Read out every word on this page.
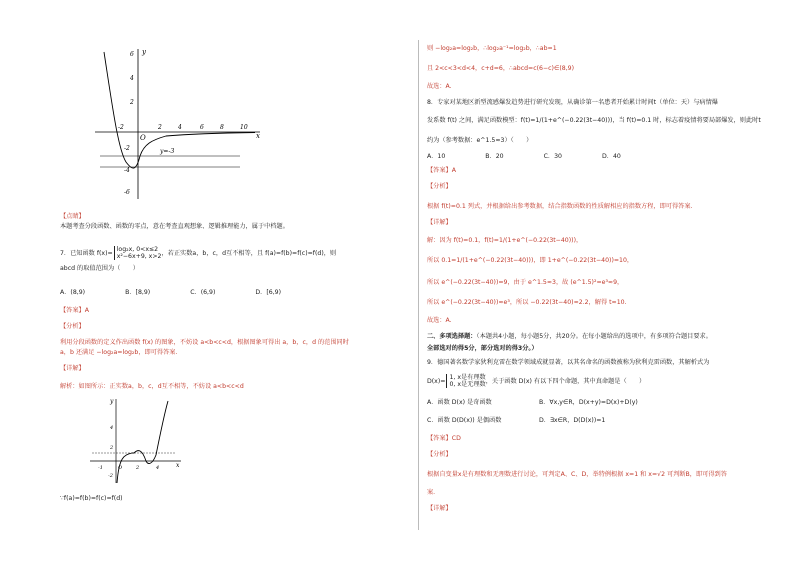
-2
O
2	4	6	8	10
x
6
4
2
-2
-4
-6
y
y=-3
【点睛】
本题考查分段函数、函数的零点，意在考查直观想象、逻辑推理能力，属于中档题。
7．已知函数 f(x)=
log₂x, 0<x≤2
x²−6x+9, x>2 ，若正实数a，b，c，d互不相等，且 f(a)=f(b)=f(c)=f(d)，则
abcd 的取值范围为（　　）
A．(8,9)	B．[8,9)	C．(6,9)	D．[6,9)
【答案】A
【分析】
利用分段函数的定义作出函数 f(x) 的图象，不妨设 a<b<c<d，根据图象可得出 a，b，c，d 的范围同时
a，b 还满足 −log₂a=log₂b，即可得答案.
【详解】
解析：如图所示：正实数a，b，c，d互不相等，不妨设 a<b<c<d
∵f(a)=f(b)=f(c)=f(d)
-1	O	2	4	x
4
2
-2
y
则 −log₂a=log₂b，∴log₂a⁻¹=log₂b，∴ab=1
且 2<c<3<d<4，c+d=6，∴abcd=c(6−c)∈(8,9)
故选：A.
8．专家对某地区新型流感爆发趋势进行研究发现，从确诊第一名患者开始累计时间t（单位：天）与病情爆
发系数 f(t) 之间，满足函数模型：f(t)=1/(1+e^(−0.22(3t−40)))，当 f(t)=0.1 时，标志着疫情将要局部爆发，则此时t
约为（参考数据：e^1.5≈3）（　　）
A．10	B．20	C．30	D．40
【答案】A
【分析】
根据 f(t)=0.1 列式，并根据给出参考数据，结合指数函数的性质解相应的指数方程，即可得答案.
【详解】
解：因为 f(t)=0.1，f(t)=1/(1+e^(−0.22(3t−40)))，
所以 0.1=1/(1+e^(−0.22(3t−40)))，即 1+e^(−0.22(3t−40))=10，
所以 e^(−0.22(3t−40))=9，由于 e^1.5≈3，故 (e^1.5)²=e³≈9，
所以 e^(−0.22(3t−40))≈e³，所以 −0.22(3t−40)≈2.2，解得 t≈10.
故选：A.
二、多项选择题：（本题共4小题，每小题5分，共20分。在每小题给出的选项中，有多项符合题目要求。
全部选对的得5分，部分选对的得3分。）
9．德国著名数学家狄利克雷在数学领域成就显著，以其名命名的函数被称为狄利克雷函数，其解析式为
D(x)=
1, x是有理数
0, x是无理数 ，关于函数 D(x) 有以下四个命题，其中真命题是（　　）
A．函数 D(x) 是奇函数	B．∀x,y∈R，D(x+y)=D(x)+D(y)
C．函数 D(D(x)) 是偶函数	D．∃x∈R，D(D(x))=1
【答案】CD
【分析】
根据自变量x是有理数和无理数进行讨论，可判定A、C、D，举特例根据 x=1 和 x=√2 可判断B，即可得到答
案.
【详解】
